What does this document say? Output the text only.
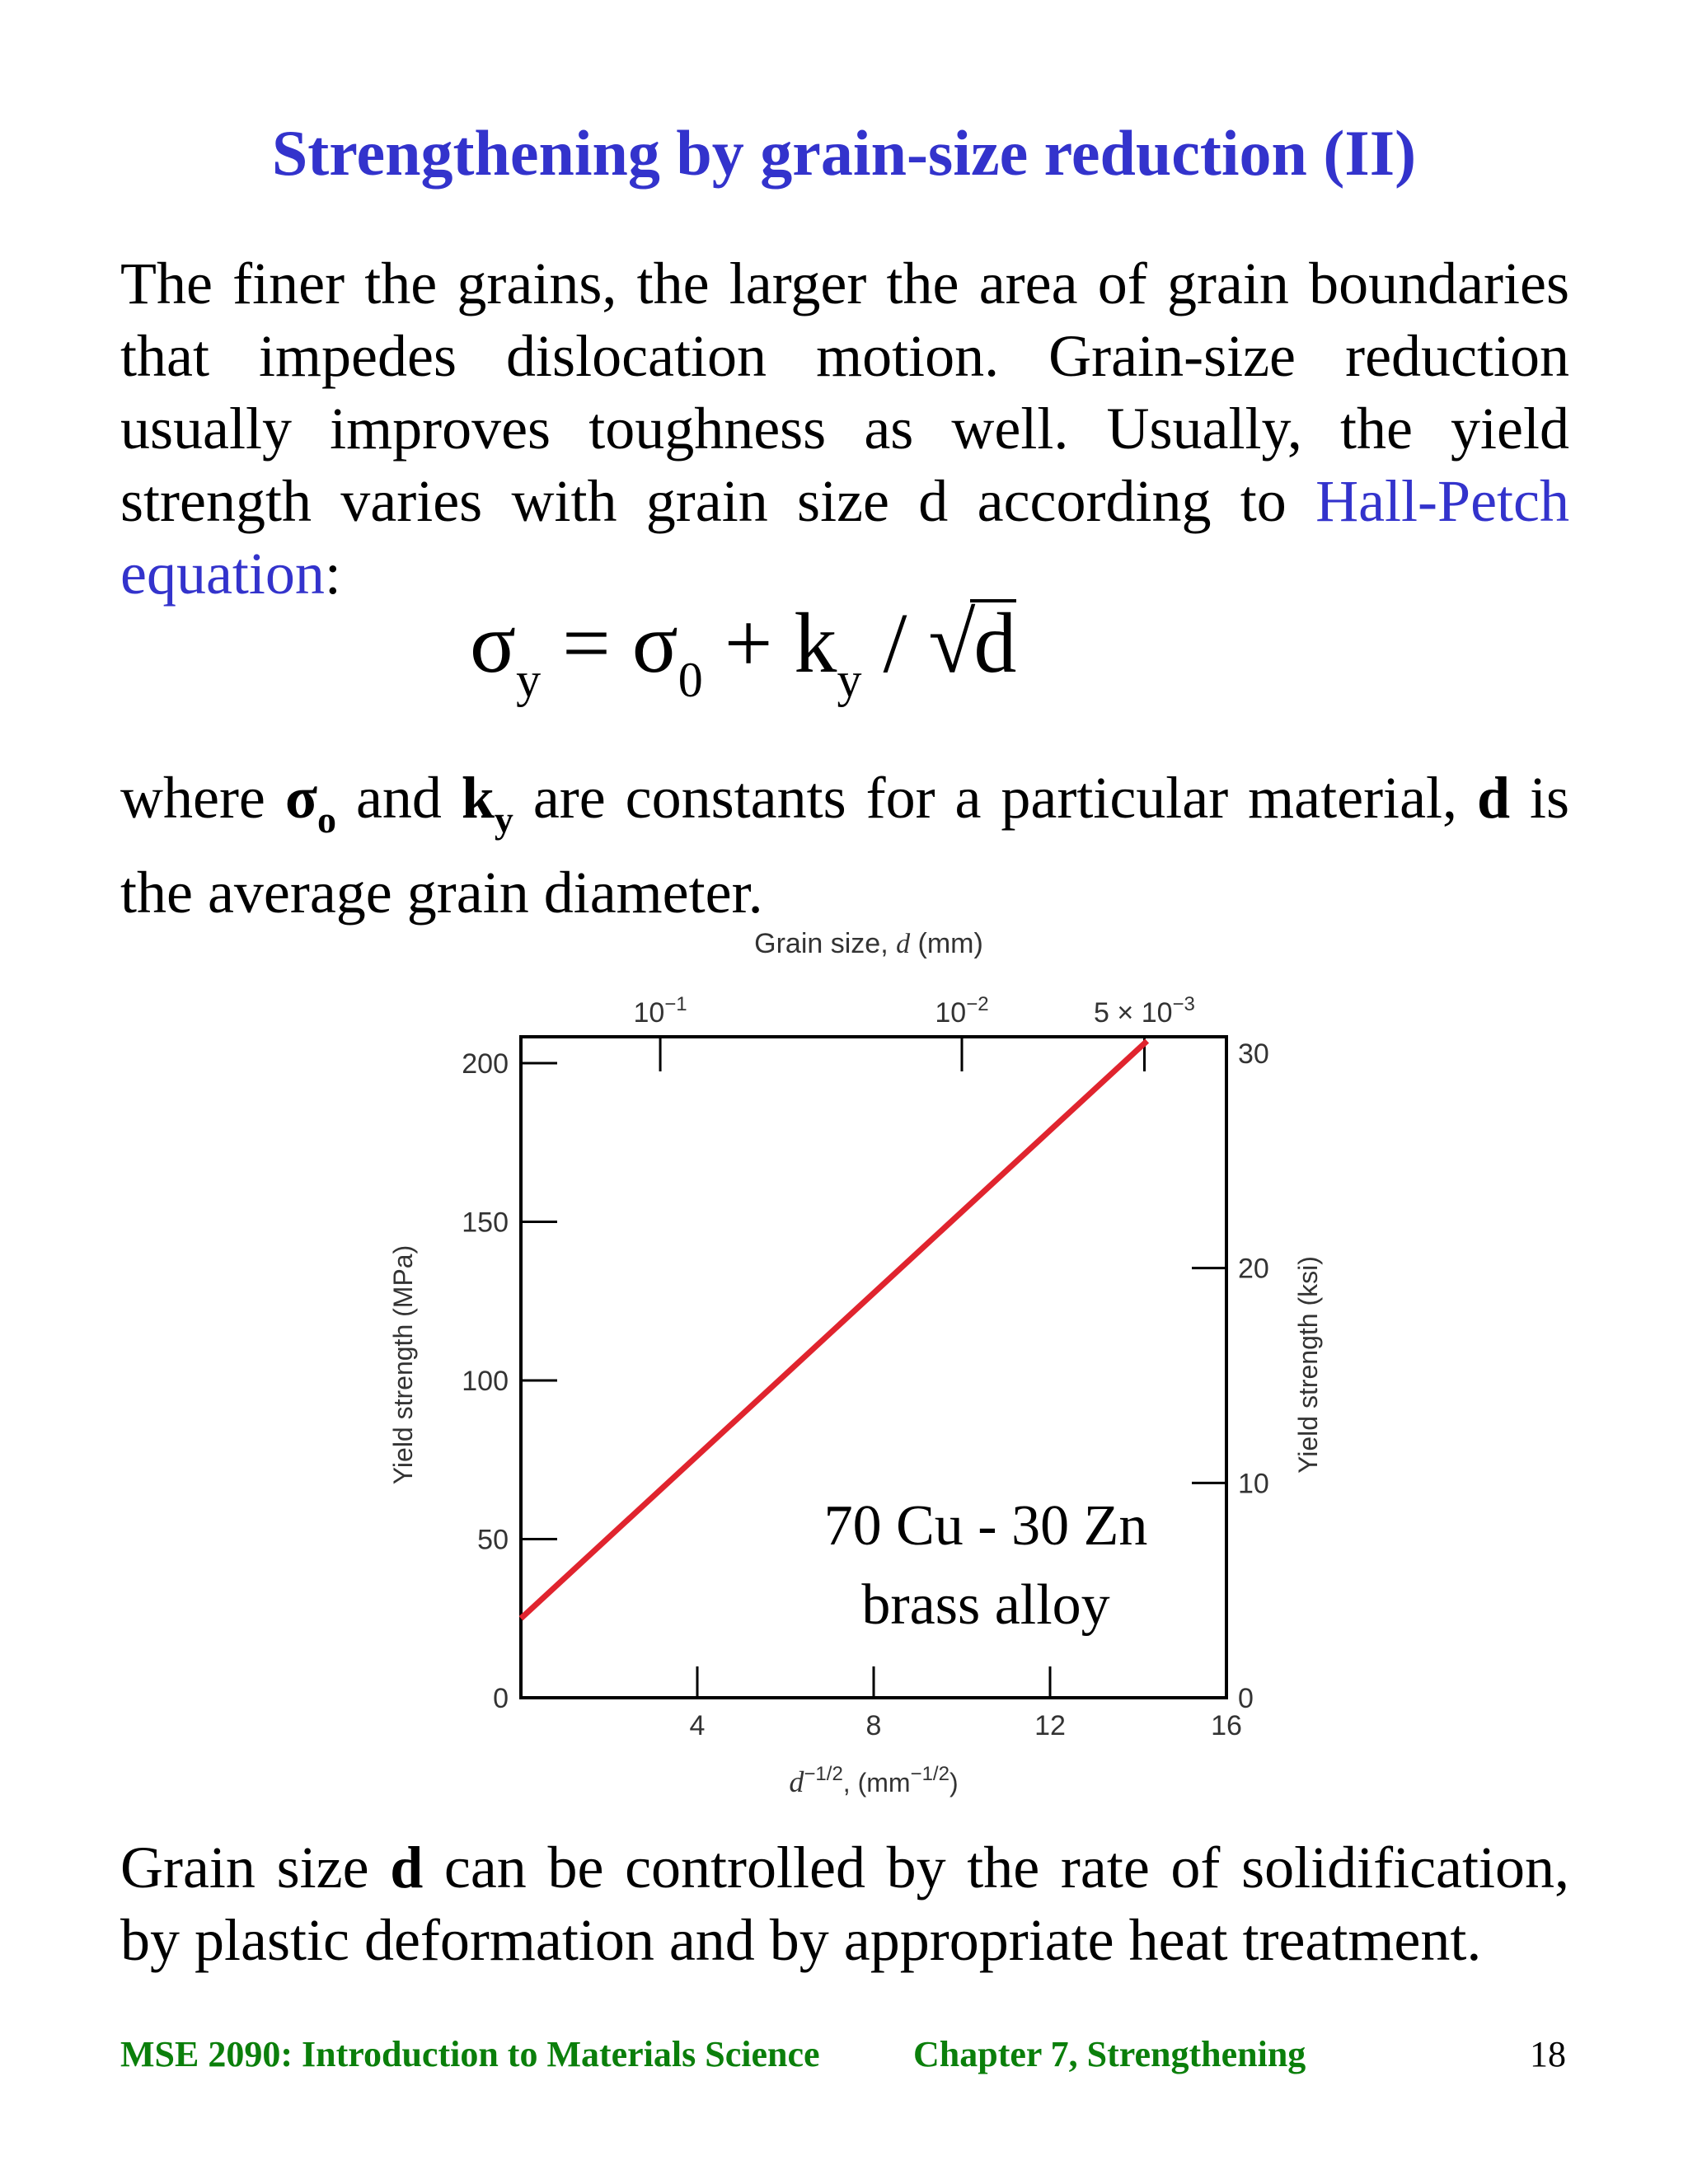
Strengthening by grain-size reduction (II)
The finer the grains, the larger the area of grain boundaries that impedes dislocation motion. Grain-size reduction usually improves toughness as well. Usually, the yield strength varies with grain size d according to Hall-Petch equation:
$\sigma_y = \sigma_0 + k_y / √d$
where $\sigma_o$ and $k_y$ are constants for a particular material, d is the average grain diameter.
Grain size, d (mm)
0
50
100
150
200
0
10
20
30
4	8	12	16
$10^{-1}$	$10^{-2}$	$5 \times 10^{-3}$
Yield strength (MPa)	Yield strength (ksi)
$d^{-1/2}$, $(mm^{-1/2})$
70 Cu - 30 Zn
brass alloy
Grain size d can be controlled by the rate of solidification, by plastic deformation and by appropriate heat treatment.
MSE 2090: Introduction to Materials Science	Chapter 7, Strengthening	18
